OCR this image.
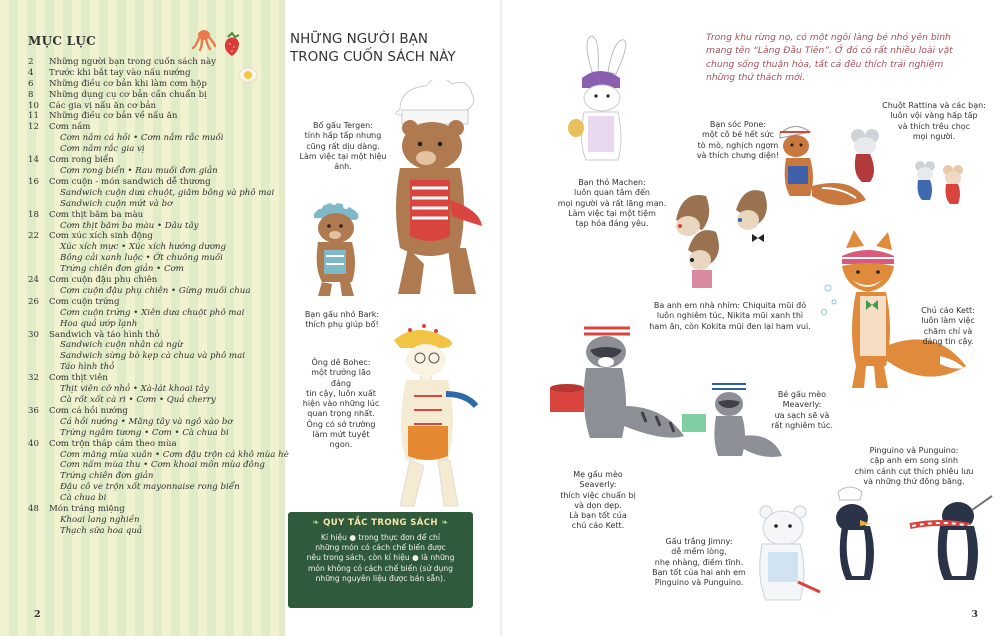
MỤC LỤC
2	Những người bạn trong cuốn sách này
4	Trước khi bắt tay vào nấu nướng
6	Những điều cơ bản khi làm cơm hộp
8	Những dụng cụ cơ bản cần chuẩn bị
10	Các gia vị nấu ăn cơ bản
11	Những điều cơ bản về nấu ăn
12	Cơm nắm
Cơm nắm cá hồi • Cơm nắm rắc muối
Cơm nắm rắc gia vị
14	Cơm rong biển
Cơm rong biển • Rau muối đơn giản
16	Cơm cuộn - món sandwich dễ thương
Sandwich cuộn dưa chuột, giăm bông và phô mai
Sandwich cuộn mứt và bơ
18	Cơm thịt băm ba màu
Cơm thịt băm ba màu • Dâu tây
22	Cơm xúc xích sinh động
Xúc xích mực • Xúc xích hướng dương
Bông cải xanh luộc • Ớt chuông muối
Trứng chiên đơn giản • Cơm
24	Cơm cuộn đậu phụ chiên
Cơm cuộn đậu phụ chiên • Gừng muối chua
26	Cơm cuộn trứng
Cơm cuộn trứng • Xiên dưa chuột phô mai
Hoa quả ướp lạnh
30	Sandwich và táo hình thỏ
Sandwich cuộn nhân cá ngừ
Sandwich sừng bò kẹp cà chua và phô mai
Táo hình thỏ
32	Cơm thịt viên
Thịt viên cỡ nhỏ • Xà-lát khoai tây
Cà rốt xốt cà ri • Cơm • Quả cherry
36	Cơm cá hồi nướng
Cá hồi nướng • Măng tây và ngô xào bơ
Trứng ngâm tương • Cơm • Cà chua bi
40	Cơm trộn tháp cám theo mùa
Cơm măng mùa xuân • Cơm đậu trộn cá khô mùa hè
Cơm nấm mùa thu • Cơm khoai môn mùa đông
Trứng chiên đơn giản
Đậu cô ve trộn xốt mayonnaise rong biển
Cà chua bi
48	Món tráng miệng
Khoai lang nghiền
Thạch sữa hoa quả
2
NHỮNG NGƯỜI BẠN
TRONG CUỐN SÁCH NÀY
Bố gấu Tergen:
tính hấp tấp nhưng
cũng rất dịu dàng.
Làm việc tại một hiệu ảnh.
Bạn gấu nhỏ Bark:
thích phụ giúp bố!
Ông dê Bohec:
một trưởng lão đáng
tin cậy, luôn xuất
hiện vào những lúc
quan trọng nhất.
Ông có sở trường
làm mứt tuyệt ngon.
❧ QUY TẮC TRONG SÁCH ❧
Kí hiệu ● trong thực đơn để chỉ
những món có cách chế biến được
nêu trong sách, còn kí hiệu ● là những
món không có cách chế biến (sử dụng
những nguyên liệu được bán sẵn).
Trong khu rừng nọ, có một ngôi làng bé nhỏ yên bình
mang tên “Làng Đầu Tiên”. Ở đó có rất nhiều loài vật
chung sống thuận hòa, tất cả đều thích trải nghiệm
những thử thách mới.
Bạn thỏ Machen:
luôn quan tâm đến
mọi người và rất lãng mạn.
Làm việc tại một tiệm
tạp hóa đáng yêu.
Bạn sóc Pone:
một cô bé hết sức
tò mò, nghịch ngợm
và thích chưng diện!
Chuột Rattina và các bạn:
luôn vội vàng hấp tấp
và thích trêu chọc
mọi người.
Ba anh em nhà nhím: Chiquita mũi đỏ
luôn nghiêm túc, Nikita mũi xanh thì
ham ăn, còn Kokita mũi đen lại ham vui.
Chú cáo Kett:
luôn làm việc
chăm chỉ và
đáng tin cậy.
Bé gấu mèo
Meaverly:
ưa sạch sẽ và
rất nghiêm túc.
Mẹ gấu mèo
Seaverly:
thích việc chuẩn bị
và dọn dẹp.
Là bạn tốt của
chú cáo Kett.
Gấu trắng Jimny:
dễ mềm lòng,
nhẹ nhàng, điềm tĩnh.
Bạn tốt của hai anh em
Pinguino và Punguino.
Pinguino và Punguino:
cặp anh em song sinh
chim cánh cụt thích phiêu lưu
và những thứ đông băng.
3
